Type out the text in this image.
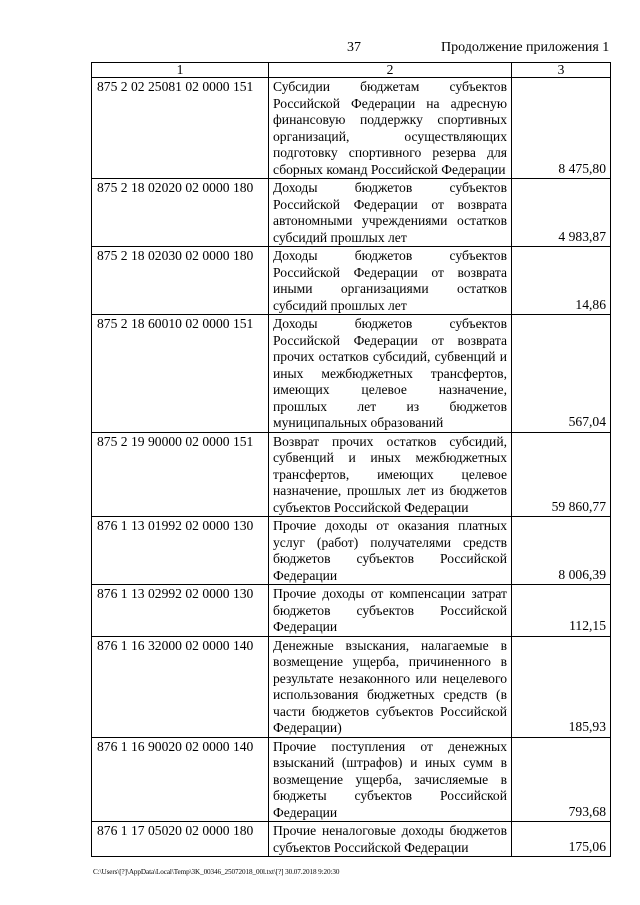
37	Продолжение приложения 1
1	2	3
875 2 02 25081 02 0000 151	Субсидии бюджетам субъектов Российской Федерации на адресную финансовую поддержку спортивных организаций, осуществляющих подготовку спортивного резерва для сборных команд Российской Федерации	8 475,80
875 2 18 02020 02 0000 180	Доходы бюджетов субъектов Российской Федерации от возврата автономными учреждениями остатков субсидий прошлых лет	4 983,87
875 2 18 02030 02 0000 180	Доходы бюджетов субъектов Российской Федерации от возврата иными организациями остатков субсидий прошлых лет	14,86
875 2 18 60010 02 0000 151	Доходы бюджетов субъектов Российской Федерации от возврата прочих остатков субсидий, субвенций и иных межбюджетных трансфертов, имеющих целевое назначение, прошлых лет из бюджетов муниципальных образований	567,04
875 2 19 90000 02 0000 151	Возврат прочих остатков субсидий, субвенций и иных межбюджетных трансфертов, имеющих целевое назначение, прошлых лет из бюджетов субъектов Российской Федерации	59 860,77
876 1 13 01992 02 0000 130	Прочие доходы от оказания платных услуг (работ) получателями средств бюджетов субъектов Российской Федерации	8 006,39
876 1 13 02992 02 0000 130	Прочие доходы от компенсации затрат бюджетов субъектов Российской Федерации	112,15
876 1 16 32000 02 0000 140	Денежные взыскания, налагаемые в возмещение ущерба, причиненного в результате незаконного или нецелевого использования бюджетных средств (в части бюджетов субъектов Российской Федерации)	185,93
876 1 16 90020 02 0000 140	Прочие поступления от денежных взысканий (штрафов) и иных сумм в возмещение ущерба, зачисляемые в бюджеты субъектов Российской Федерации	793,68
876 1 17 05020 02 0000 180	Прочие неналоговые доходы бюджетов субъектов Российской Федерации	175,06
C:\Users\[?]\AppData\Local\Temp\3K_00346_25072018_00l.txt\[?] 30.07.2018 9:20:30
